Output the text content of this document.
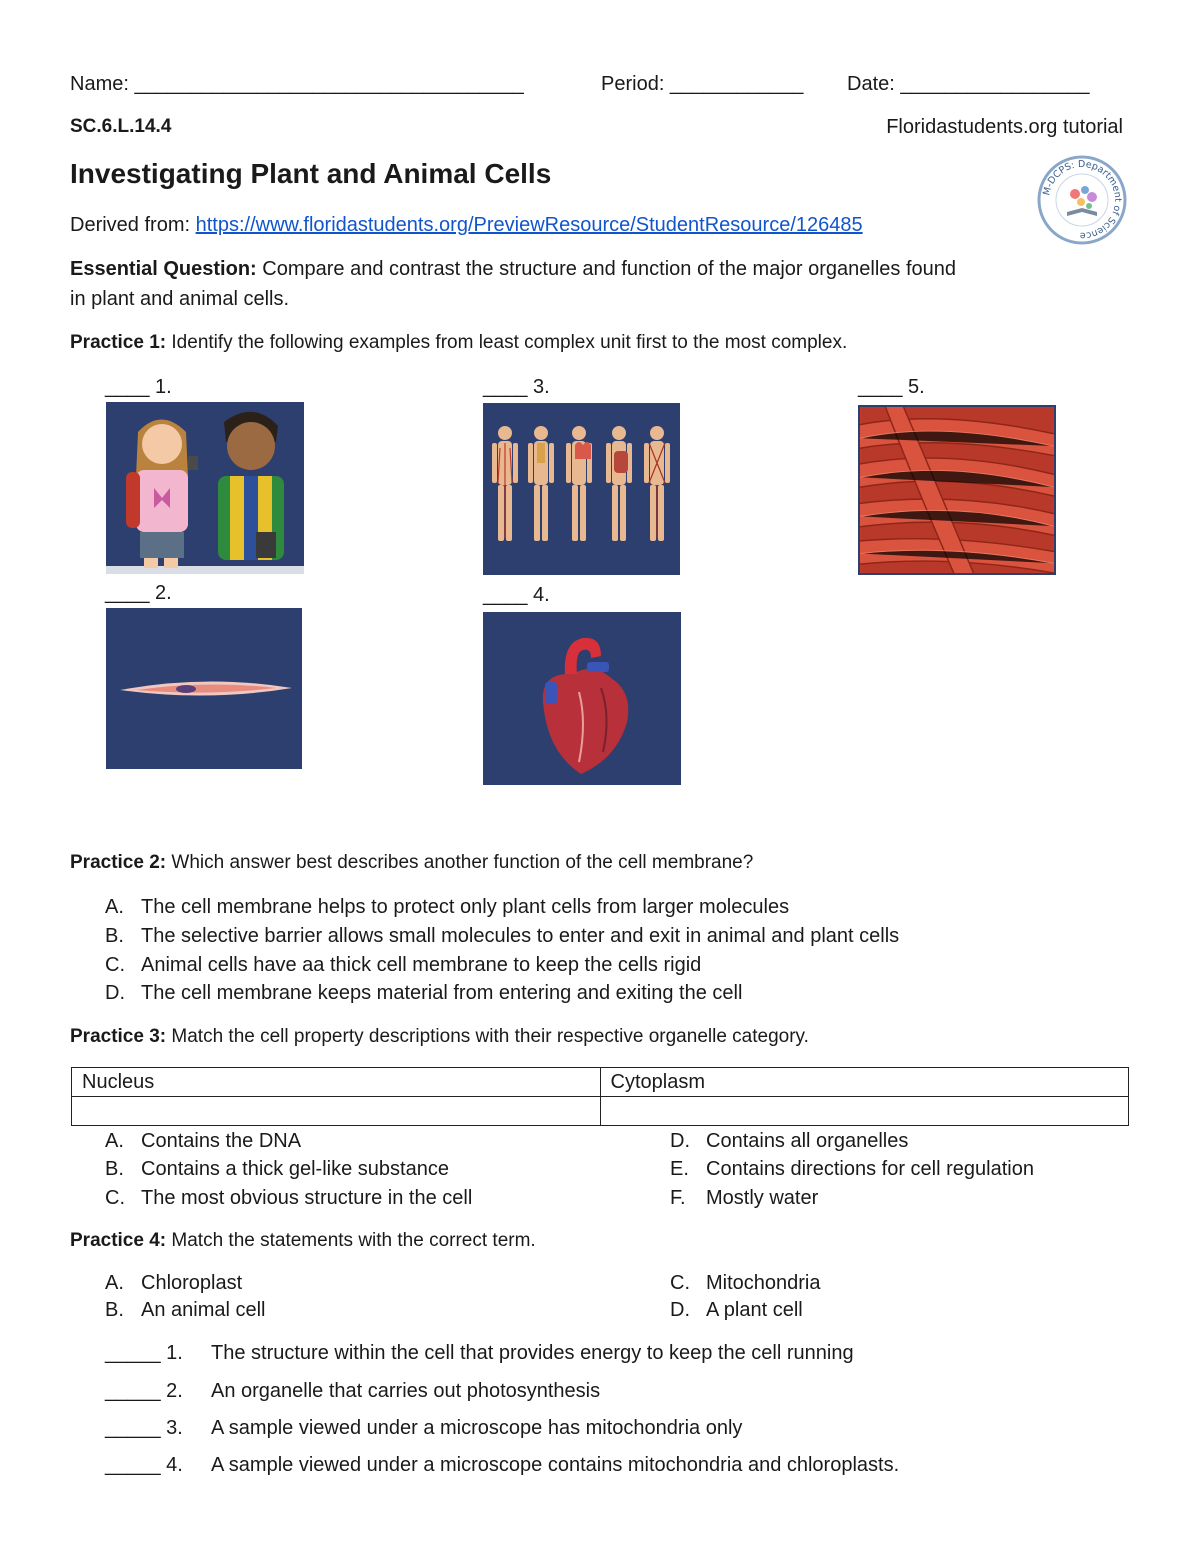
Name: ___________________________________	Period: ____________ Date: _________________
SC.6.L.14.4	Floridastudents.org tutorial
Investigating Plant and Animal Cells
Derived from: https://www.floridastudents.org/PreviewResource/StudentResource/126485
M-DCPS: Department of Science
Essential Question: Compare and contrast the structure and function of the major organelles found
in plant and animal cells.
Practice 1: Identify the following examples from least complex unit first to the most complex.
____ 1.
____ 2.
____ 3.
____ 4.
____ 5.
Practice 2: Which answer best describes another function of the cell membrane?
A. The cell membrane helps to protect only plant cells from larger molecules
B. The selective barrier allows small molecules to enter and exit in animal and plant cells
C. Animal cells have aa thick cell membrane to keep the cells rigid
D. The cell membrane keeps material from entering and exiting the cell
Practice 3: Match the cell property descriptions with their respective organelle category.
Nucleus	Cytoplasm

A. Contains the DNA
B. Contains a thick gel-like substance
C. The most obvious structure in the cell
D. Contains all organelles
E. Contains directions for cell regulation
F. Mostly water
Practice 4: Match the statements with the correct term.
A. Chloroplast
B. An animal cell
C. Mitochondria
D. A plant cell
_____ 1. The structure within the cell that provides energy to keep the cell running
_____ 2. An organelle that carries out photosynthesis
_____ 3. A sample viewed under a microscope has mitochondria only
_____ 4. A sample viewed under a microscope contains mitochondria and chloroplasts.
